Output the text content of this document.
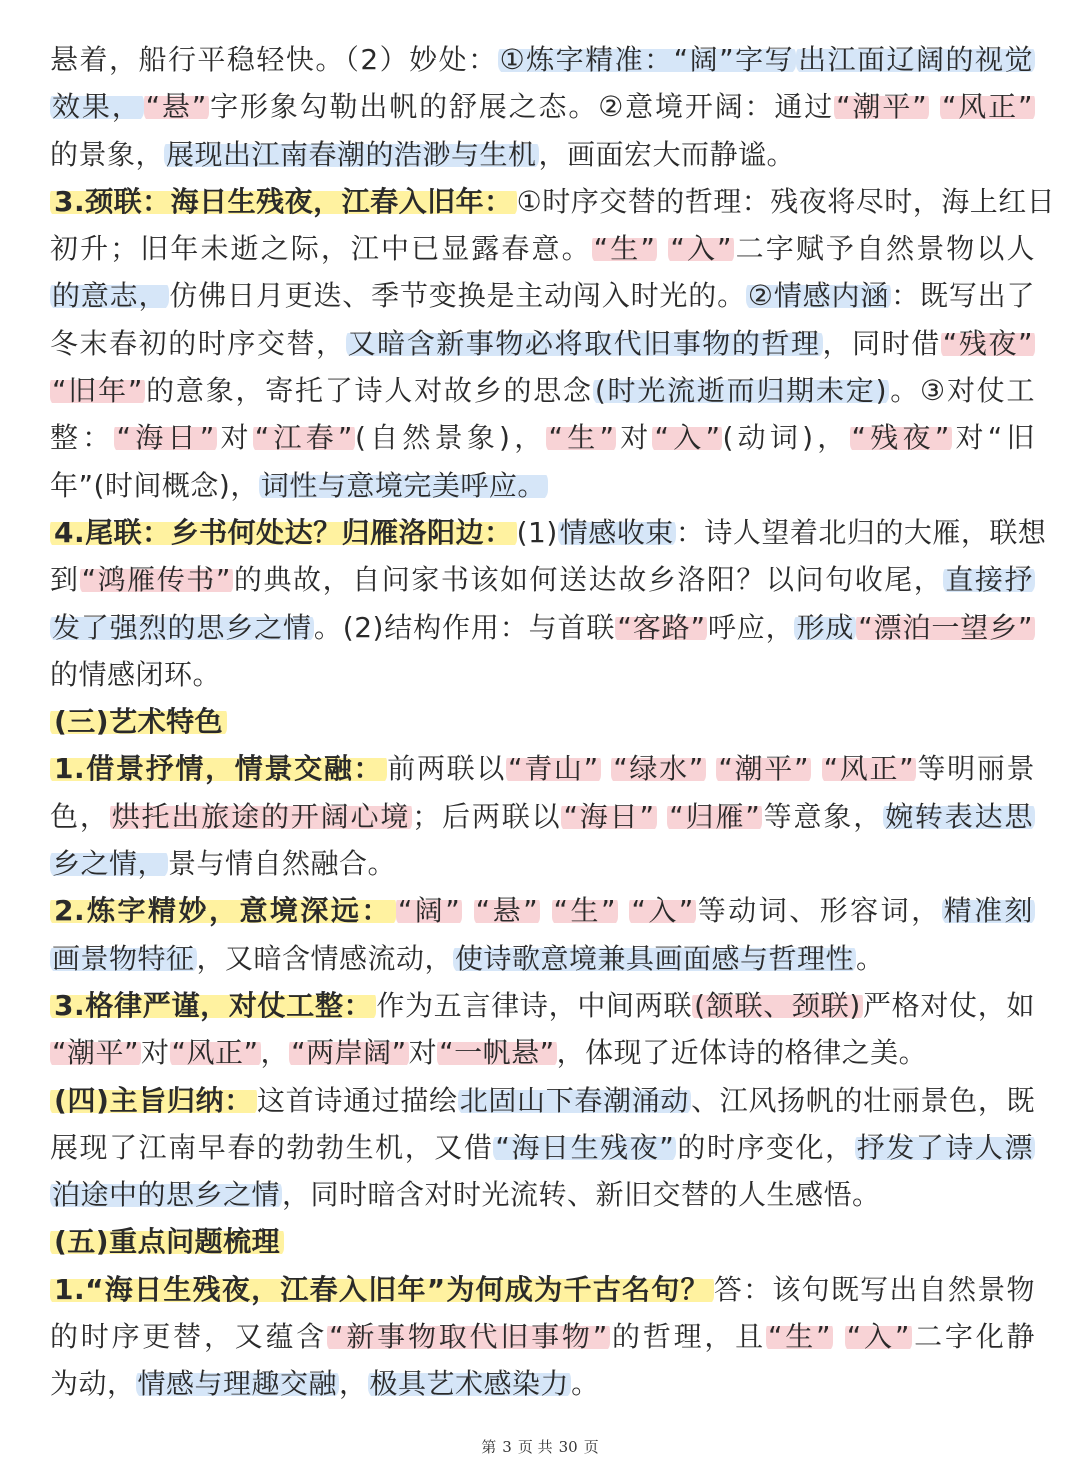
悬着，船行平稳轻快。（2）妙处：①炼字精准：“阔”字写 出江面辽阔的视觉
效果， “悬”字形象勾勒出帆的舒展之态。②意境开阔：通过“潮平” “风正”
的景象，展现出江南春潮的浩渺与生机，画面宏大而静谧。
3.颈联：海日生残夜，江春入旧年： ①时序交替的哲理：残夜将尽时，海上红日
初升；旧年未逝之际，江中已显露春意。“生” “入”二字赋予自然景物以人
的意志，仿佛日月更迭、季节变换是主动闯入时光的。②情感内涵：既写出了
冬末春初的时序交替，又暗含新事物必将取代旧事物的哲理，同时借“残夜”
“旧年”的意象，寄托了诗人对故乡的思念(时光流逝而归期未定)。③对仗工
整：“海日”对“江春”(自然景象)，“生”对“入”(动词)，“残夜”对“旧
年”(时间概念)，词性与意境完美呼应。
4.尾联：乡书何处达？归雁洛阳边： (1)情感收束：诗人望着北归的大雁，联想
到“鸿雁传书”的典故，自问家书该如何送达故乡洛阳？以问句收尾，直接抒
发了强烈的思乡之情。(2)结构作用：与首联“客路”呼应，形成 “漂泊一望乡”
的情感闭环。
(三)艺术特色
1.借景抒情，情景交融： 前两联以“青山” “绿水” “潮平” “风正”等明丽景
色，烘托出旅途的开阔心境；后两联以“海日” “归雁”等意象，婉转表达思
乡之情，景与情自然融合。
2.炼字精妙，意境深远： “阔” “悬” “生” “入”等动词、形容词，精准刻
画景物特征，又暗含情感流动，使诗歌意境兼具画面感与哲理性。
3.格律严谨，对仗工整： 作为五言律诗，中间两联(颔联、颈联)严格对仗，如
“潮平”对“风正”，“两岸阔”对“一帆悬”，体现了近体诗的格律之美。
(四)主旨归纳： 这首诗通过描绘北固山下春潮涌动、江风扬帆的壮丽景色，既
展现了江南早春的勃勃生机，又借“海日生残夜”的时序变化，抒发了诗人漂
泊途中的思乡之情，同时暗含对时光流转、新旧交替的人生感悟。
(五)重点问题梳理
1.“海日生残夜，江春入旧年”为何成为千古名句？ 答：该句既写出自然景物
的时序更替，又蕴含“新事物取代旧事物”的哲理，且“生” “入”二字化静
为动，情感与理趣交融，极具艺术感染力。
第 3 页 共 30 页
